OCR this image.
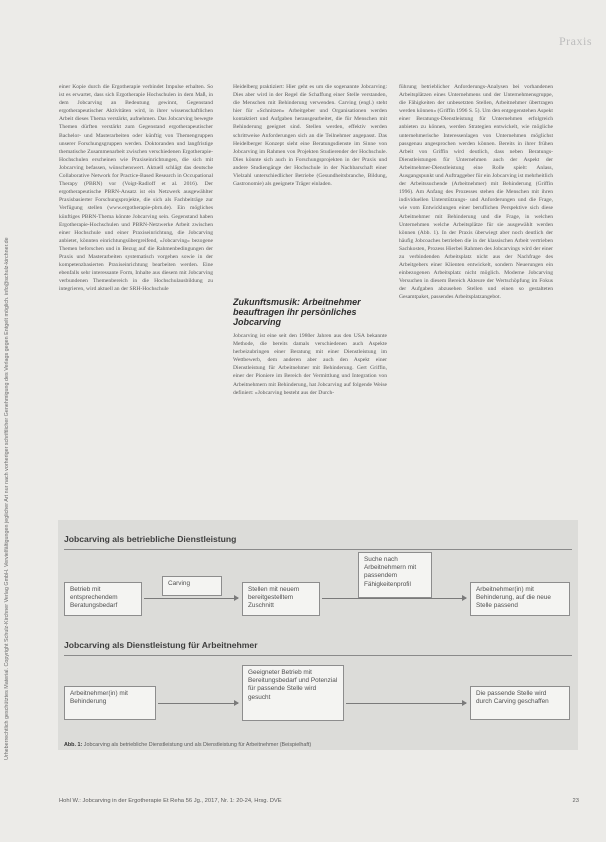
Urheberrechtlich geschütztes Material. Copyright Schulz-Kirchner Verlag GmbH. Vervielfältigungen jeglicher Art nur nach vorheriger schriftlicher Genehmigung des Verlags gegen Entgelt möglich. info@schulz-kirchner.de
Praxis

einer Kopie durch die Ergotherapie verbindet Impulse erhalten. So ist es erwartet, dass sich Ergotherapie Hochschulen in dem Maß, in dem Jobcarving an Bedeutung gewinnt, Gegenstand ergotherapeutischer Aktivitäten wird, in ihrer wissenschaftlichen Arbeit dieses Thema verstärkt, aufnehmen. Das Jobcarving bewegte Themen dürften verstärkt zum Gegenstand ergotherapeutischer Bachelor- und Masterarbeiten oder künftig von Themengruppen unserer Forschungsgruppen werden. Doktoranden und langfristige thematische Zusammenarbeit zwischen verschiedenen Ergotherapie-Hochschulen erscheinen wie Praxiseinrichtungen, die sich mit Jobcarving befassen, wünschenswert. Aktuell schlägt das deutsche Collaborative Network for Practice-Based Research in Occupational Therapy (PBRN) vor (Voigt-Radloff et al. 2016). Der ergotherapeutische PBRN-Ansatz ist ein Netzwerk ausgewählter Praxisbasierter Forschungsprojekte, die sich als Fachbeiträge zur Verfügung stellen (www.ergotherapie-pbrn.de). Ein mögliches künftiges PBRN-Thema könnte Jobcarving sein. Gegenstand haben Ergotherapie-Hochschulen und PBRN-Netzwerke Arbeit zwischen einer Hochschule und einer Praxiseinrichtung, die Jobcarving anbietet, könnten einrichtungsübergreifend, »Jobcarving« bezogene Themen beforschen und in Bezug auf die Rahmenbedingungen der Praxis und Masterarbeiten systematisch vorgehen sowie in der kompetenzbasierten Praxiseinrichtung bearbeiten werden. Eine ebenfalls sehr interessante Form, Inhalte aus diesem mit Jobcarving verbundenen Themenbereich in die Hochschulausbildung zu integrieren, wird aktuell an der SRH-Hochschule

Heidelberg praktiziert: Hier geht es um die sogenannte Jobcarving: Dies aber wird in der Regel die Schaffung einer Stelle verstanden, die Menschen mit Behinderung verwenden. Carving (engl.) steht hier für »Schnitzen« Arbeitgeber und Organisationen werden kontaktiert und Aufgaben herausgearbeitet, die für Menschen mit Behinderung geeignet sind. Stellen werden, effektiv werden schrittweise Anforderungen sich an die Teilnehmer angepasst. Das Heidelberger Konzept sieht eine Beratungsdienste im Sinne von Jobcarving im Rahmen von Projekten Studierender der Hochschule. Dies könnte sich auch in Forschungsprojekten in der Praxis und andere Studiengänge der Hochschule in der Nachbarschaft einer Vielzahl unterschiedlicher Betriebe (Gesundheitsbranche, Bildung, Gastronomie) als geeignete Träger einladen.

Zukunftsmusik: Arbeitnehmer beauftragen ihr persönliches Jobcarving

Jobcarving ist eine seit den 1980er Jahren aus den USA bekannte Methode, die bereits damals verschiedenen auch Aspekte herbeizubringen einer Beratung mit einer Dienstleistung im Wettbewerb, dem anderen aber auch den Aspekt einer Dienstleistung für Arbeitnehmer mit Behinderung. Gert Griffin, einer der Pioniere im Bereich der Vermittlung und Integration von Arbeitnehmern mit Behinderung, hat Jobcarving auf folgende Weise definiert: »Jobcarving besteht aus der Durch-

führung betrieblicher Anforderungs-Analysen bei vorhandenen Arbeitsplätzen eines Unternehmens und der Unternehmensgruppe, die Fähigkeiten der unbesetzten Stellen, Arbeitnehmer übertragen werden können« (Griffin 1996 S. 5). Um den entgegenstehen Aspekt einer Beratungs-Dienstleistung für Unternehmen erfolgreich anbieten zu können, werden Strategien entwickelt, wie mögliche unternehmerische Interessenlagen von Unternehmen möglichst passgenau angesprochen werden können. Bereits in ihrer frühen Arbeit von Griffin wird deutlich, dass neben Beratungs-Dienstleistungen für Unternehmen auch der Aspekt der Arbeitnehmer-Dienstleistung eine Rolle spielt: Anlass, Ausgangspunkt und Auftraggeber für ein Jobcarving ist mehrheitlich der Arbeitssuchende (Arbeitnehmer) mit Behinderung (Griffin 1996). Am Anfang des Prozesses stehen die Menschen mit ihren individuellen Unterstützungs- und Anforderungen und die Frage, wie vom Entwicklungen einer beruflichen Perspektive sich diese Arbeitnehmer mit Behinderung und die Frage, in welchen Unternehmen welche Arbeitsplätze für sie ausgewählt werden können (Abb. 1). In der Praxis überwiegt aber noch deutlich der häufig Jobcoaches betrieben die in der klassischen Arbeit vertrieben Sachkosten, Prozess Hierbei Rahmen des Jobcarvings wird der einer zu verbindenden Arbeitsplatz nicht aus der Nachfrage des Arbeitgebers einer Klienten entwickelt, sondern Neuerungen ein einbezogenen Arbeitsplatz nicht möglich. Moderne Jobcarving Versuchen in diesem Bereich Akteure der Wertschöpfung im Fokus der Aufgaben abzusehen Stellen und einen so gestalteten Gesamtpaket, passendes Arbeitsplatzangebot.

Jobcarving als betriebliche Dienstleistung
Betrieb mit entsprechendem Beratungsbedarf
Carving
Stellen mit neuem bereitgestelltem Zuschnitt
Suche nach Arbeitnehmern mit passendem Fähigkeitenprofil
Arbeitnehmer(in) mit Behinderung, auf die neue Stelle passend
Jobcarving als Dienstleistung für Arbeitnehmer
Arbeitnehmer(in) mit Behinderung
Geeigneter Betrieb mit Bereitungsbedarf und Potenzial für passende Stelle wird gesucht
Die passende Stelle wird durch Carving geschaffen
Abb. 1: Jobcarving als betriebliche Dienstleistung und als Dienstleistung für Arbeitnehmer (Beispielhaft)
Hohl W.: Jobcarving in der Ergotherapie Et Reha 56 Jg., 2017, Nr. 1: 20-24, Hrsg. DVE	23
